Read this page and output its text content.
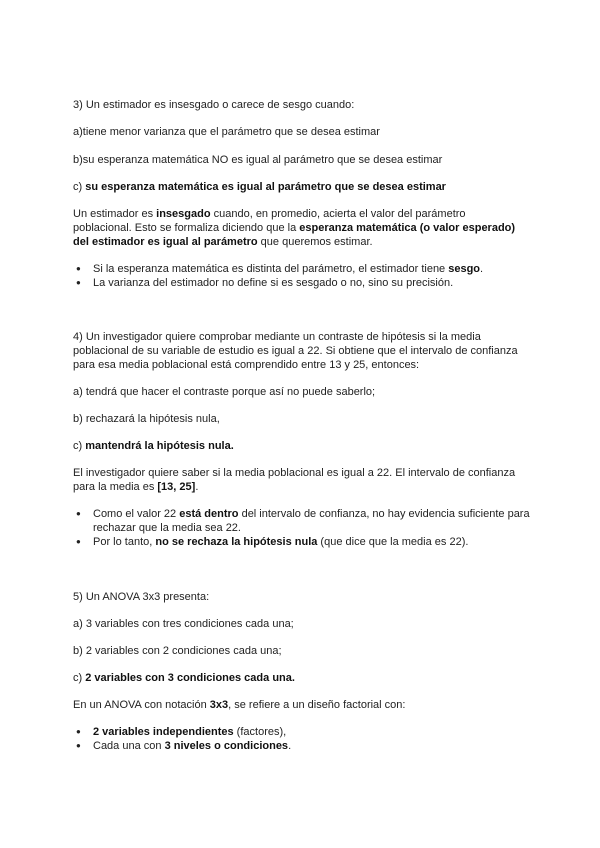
3) Un estimador es insesgado o carece de sesgo cuando:

a)tiene menor varianza que el parámetro que se desea estimar

b)su esperanza matemática NO es igual al parámetro que se desea estimar

c) su esperanza matemática es igual al parámetro que se desea estimar

Un estimador es insesgado cuando, en promedio, acierta el valor del parámetro

poblacional. Esto se formaliza diciendo que la esperanza matemática (o valor esperado)

del estimador es igual al parámetro que queremos estimar.

● Si la esperanza matemática es distinta del parámetro, el estimador tiene sesgo.
● La varianza del estimador no define si es sesgado o no, sino su precisión.

4) Un investigador quiere comprobar mediante un contraste de hipótesis si la media

poblacional de su variable de estudio es igual a 22. Si obtiene que el intervalo de confianza

para esa media poblacional está comprendido entre 13 y 25, entonces:

a) tendrá que hacer el contraste porque así no puede saberlo;

b) rechazará la hipótesis nula,

c) mantendrá la hipótesis nula.

El investigador quiere saber si la media poblacional es igual a 22. El intervalo de confianza

para la media es [13, 25].

● Como el valor 22 está dentro del intervalo de confianza, no hay evidencia suficiente para rechazar que la media sea 22.
● Por lo tanto, no se rechaza la hipótesis nula (que dice que la media es 22).

5) Un ANOVA 3x3 presenta:

a) 3 variables con tres condiciones cada una;

b) 2 variables con 2 condiciones cada una;

c) 2 variables con 3 condiciones cada una.

En un ANOVA con notación 3x3, se refiere a un diseño factorial con:

● 2 variables independientes (factores),
● Cada una con 3 niveles o condiciones.
